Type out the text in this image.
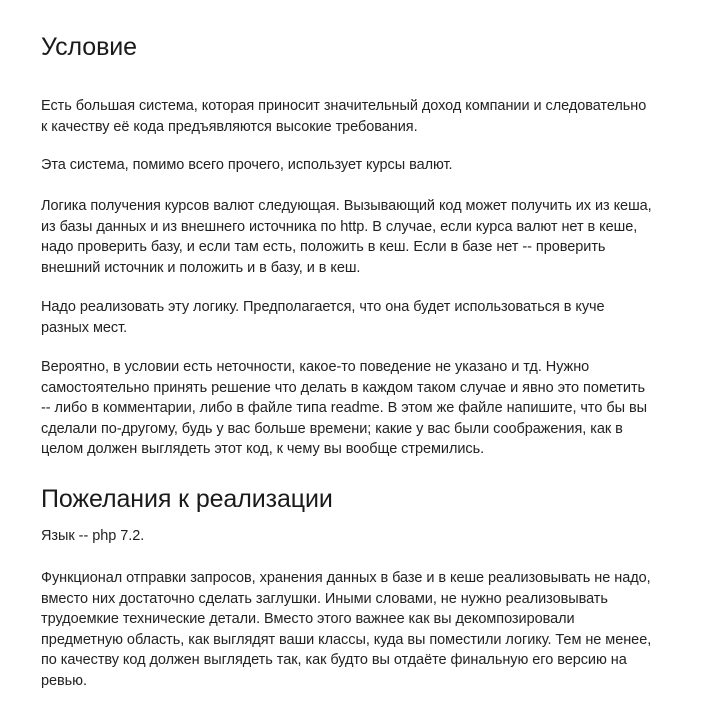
Условие

Есть большая система, которая приносит значительный доход компании и следовательно
к качеству её кода предъявляются высокие требования.

Эта система, помимо всего прочего, использует курсы валют.

Логика получения курсов валют следующая. Вызывающий код может получить их из кеша,
из базы данных и из внешнего источника по http. В случае, если курса валют нет в кеше,
надо проверить базу, и если там есть, положить в кеш. Если в базе нет -- проверить
внешний источник и положить и в базу, и в кеш.

Надо реализовать эту логику. Предполагается, что она будет использоваться в куче
разных мест.

Вероятно, в условии есть неточности, какое-то поведение не указано и тд. Нужно
самостоятельно принять решение что делать в каждом таком случае и явно это пометить
-- либо в комментарии, либо в файле типа readme. В этом же файле напишите, что бы вы
сделали по-другому, будь у вас больше времени; какие у вас были соображения, как в
целом должен выглядеть этот код, к чему вы вообще стремились.

Пожелания к реализации

Язык -- php 7.2.

Функционал отправки запросов, хранения данных в базе и в кеше реализовывать не надо,
вместо них достаточно сделать заглушки. Иными словами, не нужно реализовывать
трудоемкие технические детали. Вместо этого важнее как вы декомпозировали
предметную область, как выглядят ваши классы, куда вы поместили логику. Тем не менее,
по качеству код должен выглядеть так, как будто вы отдаёте финальную его версию на
ревью.
